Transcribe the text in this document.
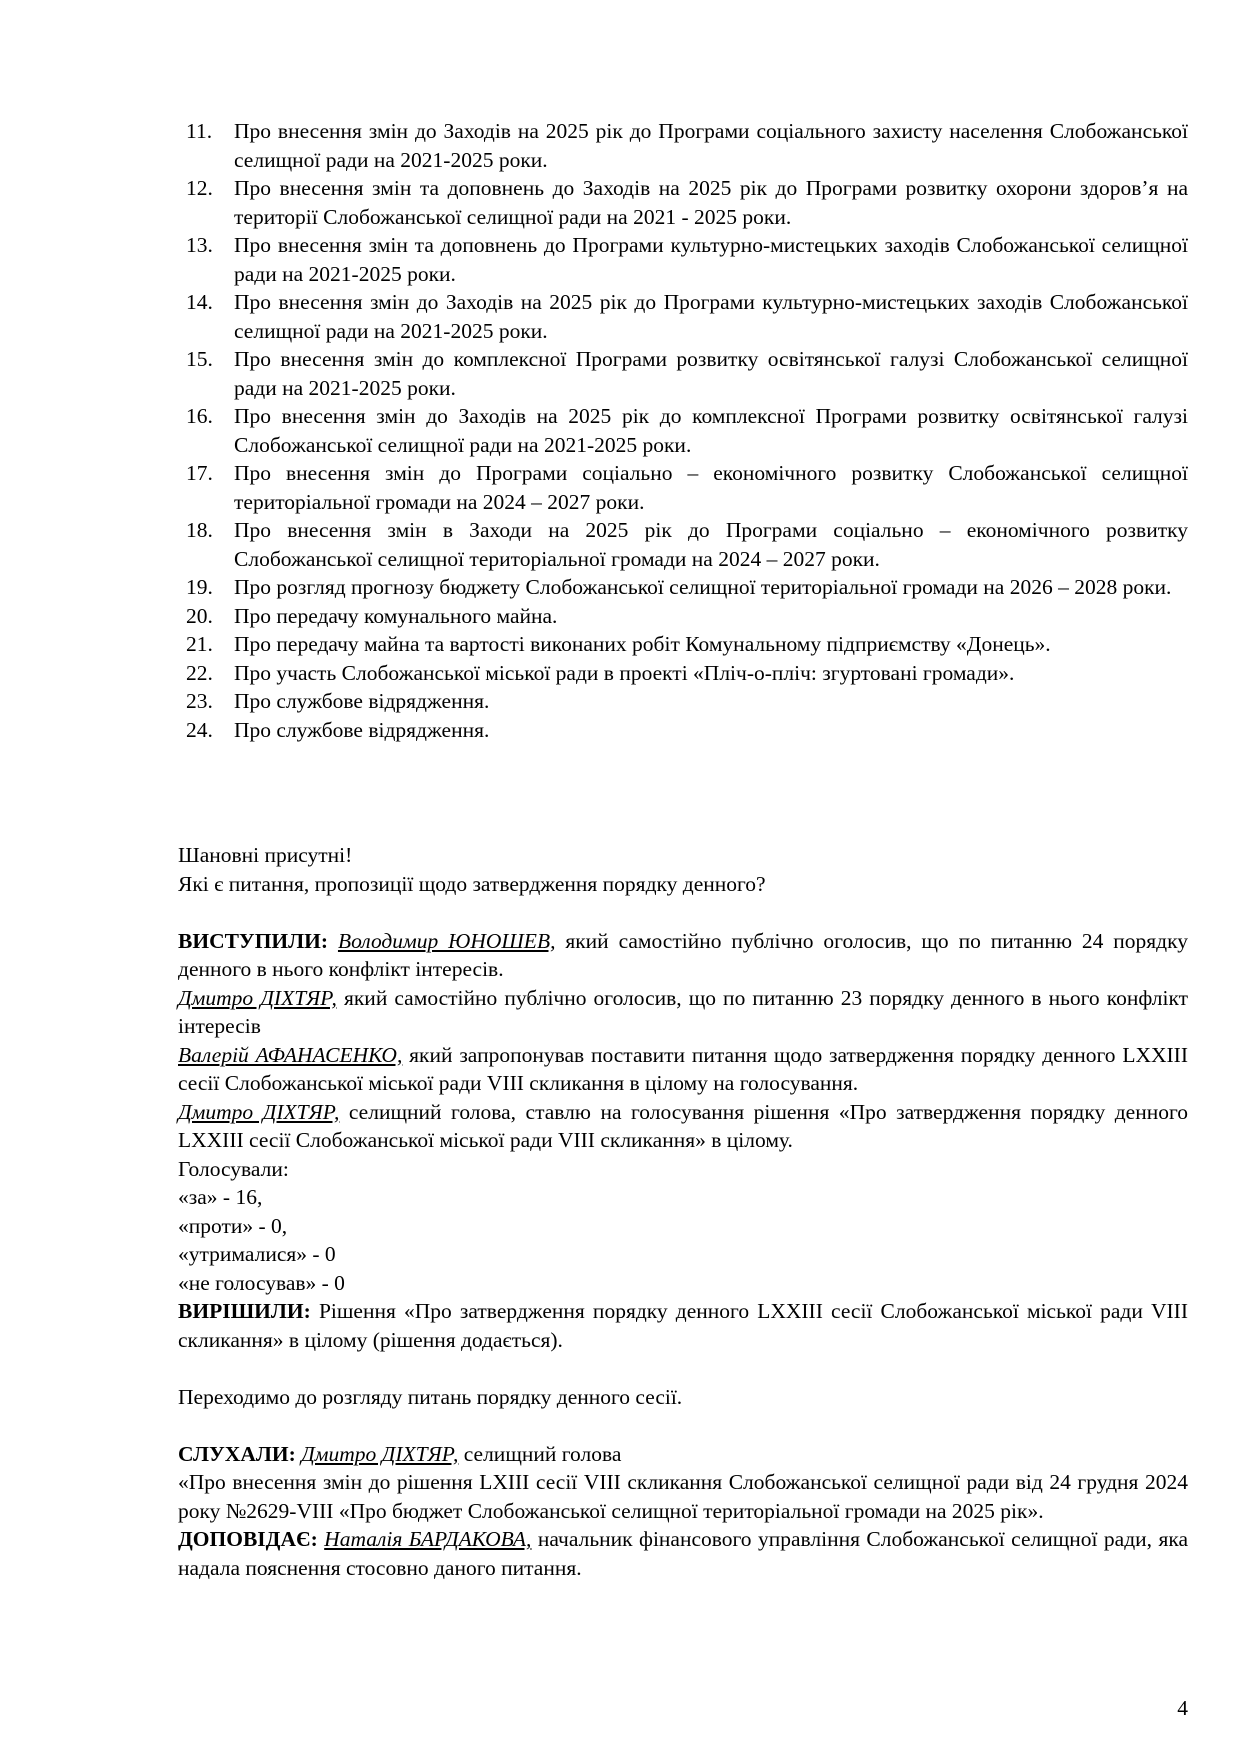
11.	Про внесення змін до Заходів на 2025 рік до Програми соціального захисту населення Слобожанської селищної ради на 2021-2025 роки.
12. Про внесення змін та доповнень до Заходів на 2025 рік до Програми розвитку охорони здоров’я на території Слобожанської селищної ради на 2021 - 2025 роки.
13. Про внесення змін та доповнень до Програми культурно-мистецьких заходів Слобожанської селищної ради на 2021-2025 роки.
14. Про внесення змін до Заходів на 2025 рік до Програми культурно-мистецьких заходів Слобожанської селищної ради на 2021-2025 роки.
15. Про внесення змін до комплексної Програми розвитку освітянської галузі Слобожанської селищної ради на 2021-2025 роки.
16. Про внесення змін до Заходів на 2025 рік до комплексної Програми розвитку освітянської галузі Слобожанської селищної ради на 2021-2025 роки.
17. Про внесення змін до Програми соціально – економічного розвитку Слобожанської селищної територіальної громади на 2024 – 2027 роки.
18. Про внесення змін в Заходи на 2025 рік до Програми соціально – економічного розвитку Слобожанської селищної територіальної громади на 2024 – 2027 роки.
19. Про розгляд прогнозу бюджету Слобожанської селищної територіальної громади на 2026 – 2028 роки.
20. Про передачу комунального майна.
21. Про передачу майна та вартості виконаних робіт Комунальному підприємству «Донець».
22. Про участь Слобожанської міської ради в проекті «Пліч-о-пліч: згуртовані громади».
23. Про службове відрядження.
24. Про службове відрядження.

Шановні присутні!

Які є питання, пропозиції щодо затвердження порядку денного?

ВИСТУПИЛИ: Володимир ЮНОШЕВ, який самостійно публічно оголосив, що по питанню 24 порядку денного в нього конфлікт інтересів.

Дмитро ДІХТЯР, який самостійно публічно оголосив, що по питанню 23 порядку денного в нього конфлікт інтересів

Валерій АФАНАСЕНКО, який запропонував поставити питання щодо затвердження порядку денного LXXIII сесії Слобожанської міської ради VIII скликання в цілому на голосування.

Дмитро ДІХТЯР, селищний голова, ставлю на голосування рішення «Про затвердження порядку денного LXXIII сесії Слобожанської міської ради VIII скликання» в цілому.

Голосували:

«за» - 16,

«проти» - 0,

«утрималися» - 0

«не голосував» - 0

ВИРІШИЛИ: Рішення «Про затвердження порядку денного LXXIII сесії Слобожанської міської ради VIII скликання» в цілому (рішення додається).

Переходимо до розгляду питань порядку денного сесії.

СЛУХАЛИ: Дмитро ДІХТЯР, селищний голова

«Про внесення змін до рішення LXIII сесії VIII скликання Слобожанської селищної ради від 24 грудня 2024 року №2629-VIII «Про бюджет Слобожанської селищної територіальної громади на 2025 рік».

ДОПОВІДАЄ: Наталія БАРДАКОВА, начальник фінансового управління Слобожанської селищної ради, яка надала пояснення стосовно даного питання.

4
